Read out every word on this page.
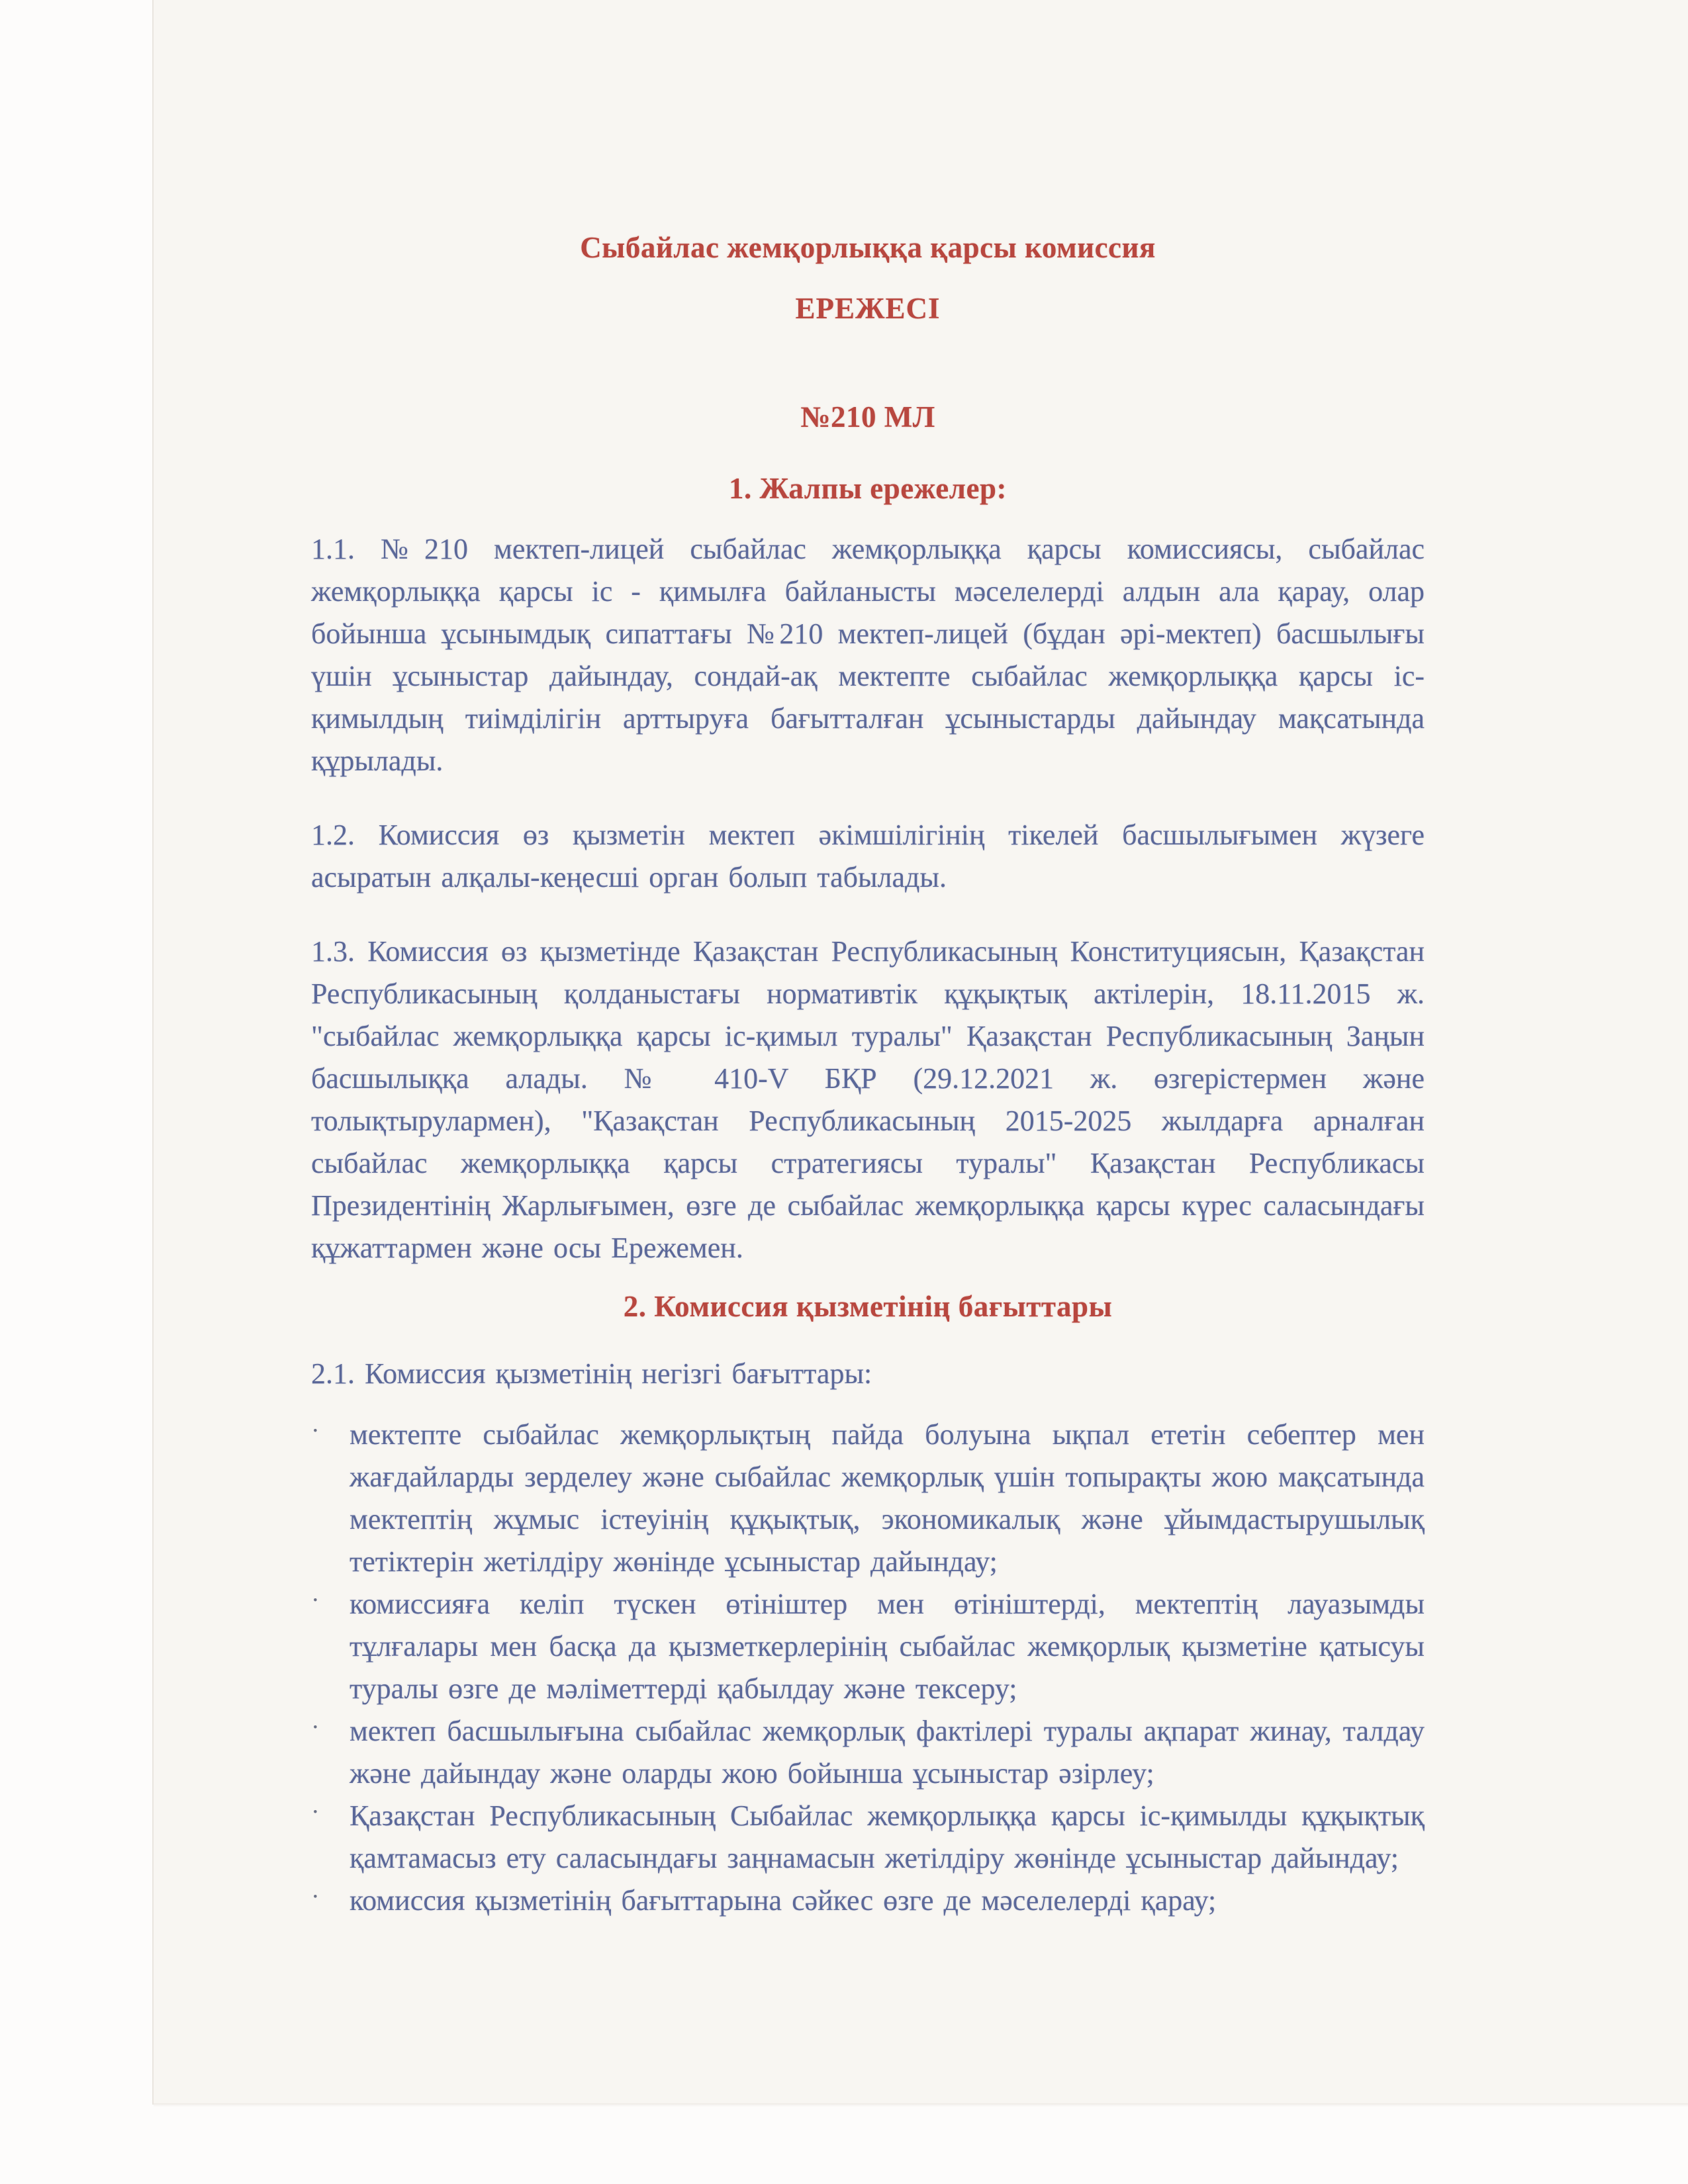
Сыбайлас жемқорлыққа қарсы комиссия
ЕРЕЖЕСІ
№210 МЛ
1. Жалпы ережелер:

1.1. №210 мектеп-лицей сыбайлас жемқорлыққа қарсы комиссиясы, сыбайлас жемқорлыққа қарсы іс - қимылға байланысты мәселелерді алдын ала қарау, олар бойынша ұсынымдық сипаттағы №210 мектеп-лицей (бұдан әрі-мектеп) басшылығы үшін ұсыныстар дайындау, сондай-ақ мектепте сыбайлас жемқорлыққа қарсы іс-қимылдың тиімділігін арттыруға бағытталған ұсыныстарды дайындау мақсатында құрылады.

1.2. Комиссия өз қызметін мектеп әкімшілігінің тікелей басшылығымен жүзеге асыратын алқалы-кеңесші орган болып табылады.

1.3. Комиссия өз қызметінде Қазақстан Республикасының Конституциясын, Қазақстан Республикасының қолданыстағы нормативтік құқықтық актілерін, 18.11.2015 ж. "сыбайлас жемқорлыққа қарсы іс-қимыл туралы" Қазақстан Республикасының Заңын басшылыққа алады. № 410-V БҚР (29.12.2021 ж. өзгерістермен және толықтырулармен), "Қазақстан Республикасының 2015-2025 жылдарға арналған сыбайлас жемқорлыққа қарсы стратегиясы туралы" Қазақстан Республикасы Президентінің Жарлығымен, өзге де сыбайлас жемқорлыққа қарсы күрес саласындағы құжаттармен және осы Ережемен.

2. Комиссия қызметінің бағыттары

2.1. Комиссия қызметінің негізгі бағыттары:

· мектепте сыбайлас жемқорлықтың пайда болуына ықпал ететін себептер мен жағдайларды зерделеу және сыбайлас жемқорлық үшін топырақты жою мақсатында мектептің жұмыс істеуінің құқықтық, экономикалық және ұйымдастырушылық тетіктерін жетілдіру жөнінде ұсыныстар дайындау;
· комиссияға келіп түскен өтініштер мен өтініштерді, мектептің лауазымды тұлғалары мен басқа да қызметкерлерінің сыбайлас жемқорлық қызметіне қатысуы туралы өзге де мәліметтерді қабылдау және тексеру;
· мектеп басшылығына сыбайлас жемқорлық фактілері туралы ақпарат жинау, талдау және дайындау және оларды жою бойынша ұсыныстар әзірлеу;
· Қазақстан Республикасының Сыбайлас жемқорлыққа қарсы іс-қимылды құқықтық қамтамасыз ету саласындағы заңнамасын жетілдіру жөнінде ұсыныстар дайындау;
· комиссия қызметінің бағыттарына сәйкес өзге де мәселелерді қарау;
